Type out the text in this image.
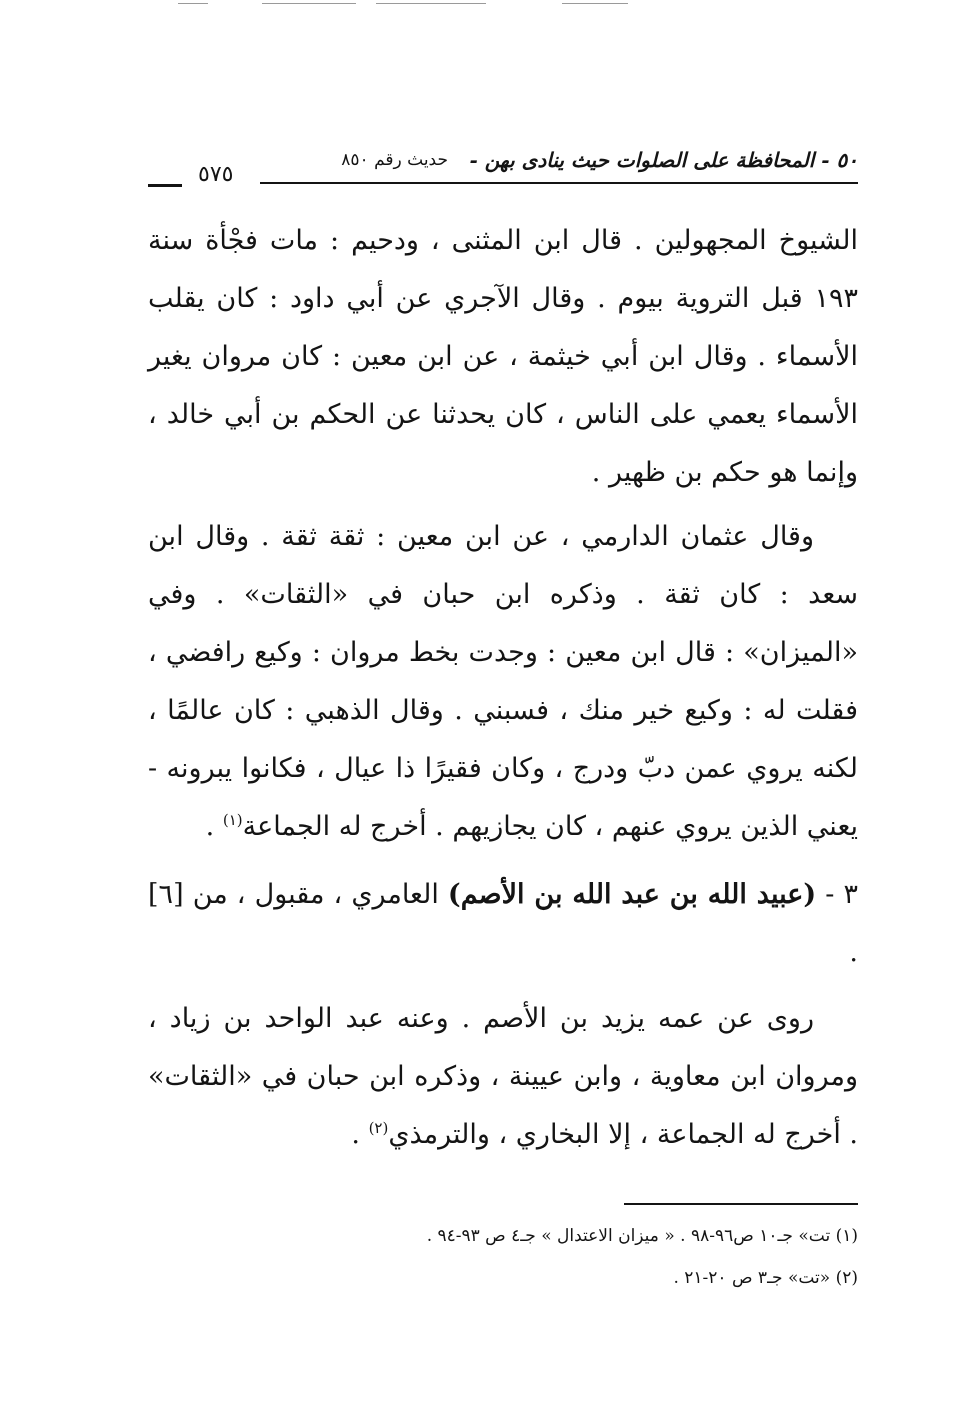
٥٠ - المحافظة على الصلوات حيث ينادى بهن -
حديث رقم ٨٥٠
٥٧٥
الشيوخ المجهولين . قال ابن المثنى ، ودحيم : مات فجْأة سنة ١٩٣ قبل التروية بيوم . وقال الآجري عن أبي داود : كان يقلب الأسماء . وقال ابن أبي خيثمة ، عن ابن معين : كان مروان يغير الأسماء يعمي على الناس ، كان يحدثنا عن الحكم بن أبي خالد ، وإنما هو حكم بن ظهير .
وقال عثمان الدارمي ، عن ابن معين : ثقة ثقة . وقال ابن سعد : كان ثقة . وذكره ابن حبان في «الثقات» . وفي «الميزان» : قال ابن معين : وجدت بخط مروان : وكيع رافضي ، فقلت له : وكيع خير منك ، فسبني . وقال الذهبي : كان عالمًا ، لكنه يروي عمن دبّ ودرج ، وكان فقيرًا ذا عيال ، فكانوا يبرونه - يعني الذين يروي عنهم ، كان يجازيهم . أخرج له الجماعة$^{(١)}$ .
٣ - (عبيد الله بن عبد الله بن الأصم) العامري ، مقبول ، من [٦] .
روى عن عمه يزيد بن الأصم . وعنه عبد الواحد بن زياد ، ومروان ابن معاوية ، وابن عيينة ، وذكره ابن حبان في «الثقات» . أخرج له الجماعة ، إلا البخاري ، والترمذي$^{(٢)}$ .
(١) تت» جـ١٠ ص٩٦-٩٨ . « ميزان الاعتدال » جـ٤ ص ٩٣-٩٤ .
(٢) «تت» جـ٣ ص ٢٠-٢١ .
